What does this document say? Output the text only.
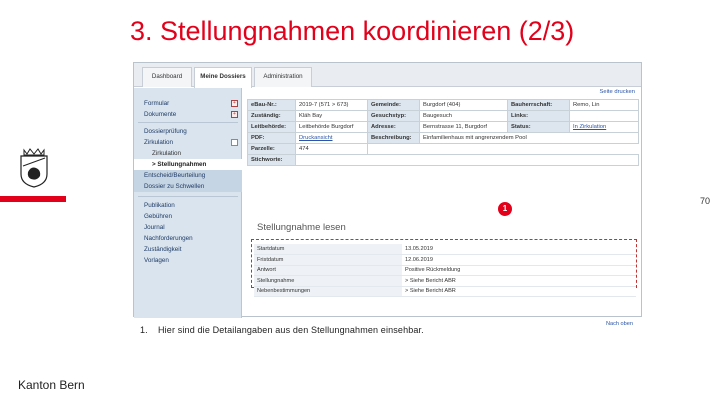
3. Stellungnahmen koordinieren (2/3)
70
Dashboard	Meine Dossiers	Administration
Formular	+
Dokumente	+
Dossierprüfung
Zirkulation
Zirkulation
> Stellungnahmen
Entscheid/Beurteilung
Dossier zu Schwellen
Publikation
Gebühren
Journal
Nachforderungen
Zuständigkeit
Vorlagen
Seite drucken
eBau-Nr.:	2019-7 (571 > 673)	Gemeinde:	Burgdorf (404)	Bauherrschaft:	Remo, Lin
Zuständig:	Kläh Bay	Gesuchstyp:	Baugesuch	Links:	
Leitbehörde:	Leitbehörde Burgdorf	Adresse:	Bernstrasse 11, Burgdorf	Status:	In Zirkulation
PDF:	Druckansicht	Beschreibung:	Einfamilienhaus mit angrenzendem Pool		
Parzelle:	474				
Stichworte:					
Stellungnahme lesen
Startdatum	13.05.2019
Fristdatum	12.06.2019
Antwort	Positive Rückmeldung
Stellungnahme	> Siehe Bericht ABR
Nebenbestimmungen	> Siehe Bericht ABR
Nach oben
1
1. Hier sind die Detailangaben aus den Stellungnahmen einsehbar.
Kanton Bern
